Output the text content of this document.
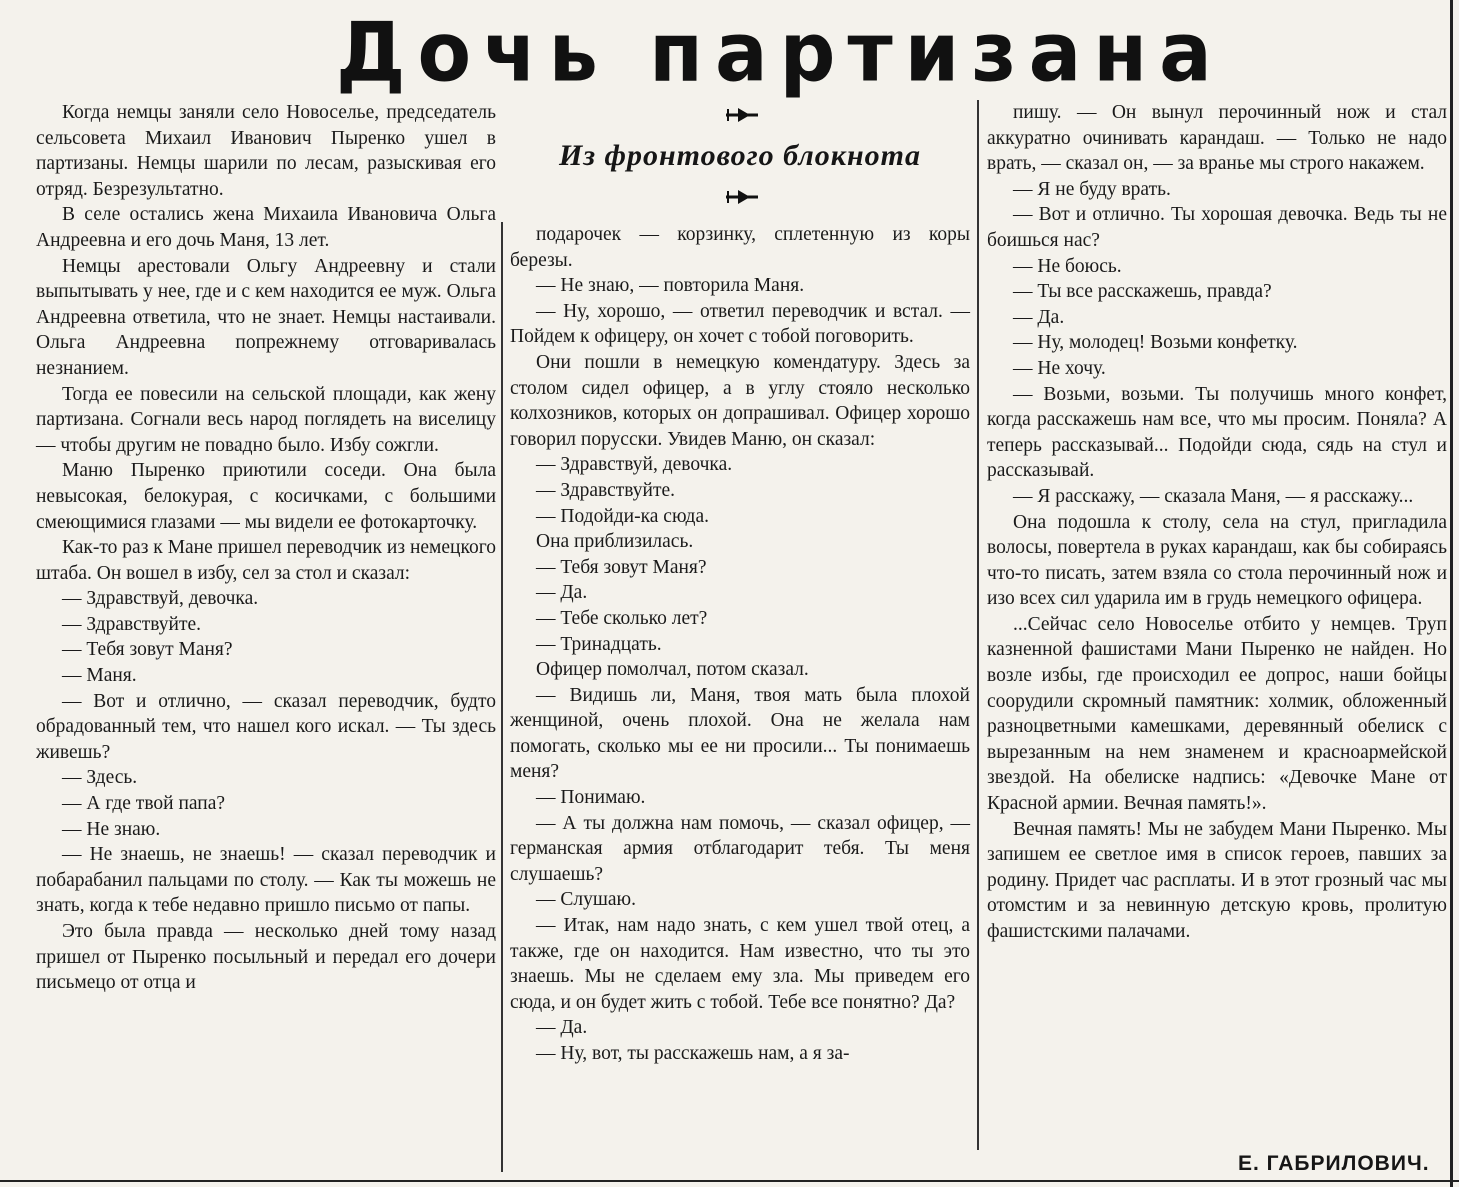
Дочь партизана
Из фронтового блокнота

Когда немцы заняли село Новоселье, председатель сельсовета Михаил Иванович Пыренко ушел в партизаны. Немцы шарили по лесам, разыскивая его отряд. Безрезультатно.

В селе остались жена Михаила Ивановича Ольга Андреевна и его дочь Маня, 13 лет.

Немцы арестовали Ольгу Андреевну и стали выпытывать у нее, где и с кем находится ее муж. Ольга Андреевна ответила, что не знает. Немцы настаивали. Ольга Андреевна попрежнему отговаривалась незнанием.

Тогда ее повесили на сельской площади, как жену партизана. Согнали весь народ поглядеть на виселицу — чтобы другим не повадно было. Избу сожгли.

Маню Пыренко приютили соседи. Она была невысокая, белокурая, с косичками, с большими смеющимися глазами — мы видели ее фотокарточку.

Как-то раз к Мане пришел переводчик из немецкого штаба. Он вошел в избу, сел за стол и сказал:

— Здравствуй, девочка.

— Здравствуйте.

— Тебя зовут Маня?

— Маня.

— Вот и отлично, — сказал переводчик, будто обрадованный тем, что нашел кого искал. — Ты здесь живешь?

— Здесь.

— А где твой папа?

— Не знаю.

— Не знаешь, не знаешь! — сказал переводчик и побарабанил пальцами по столу. — Как ты можешь не знать, когда к тебе недавно пришло письмо от папы.

Это была правда — несколько дней тому назад пришел от Пыренко посыльный и передал его дочери письмецо от отца и

подарочек — корзинку, сплетенную из коры березы.

— Не знаю, — повторила Маня.

— Ну, хорошо, — ответил переводчик и встал. — Пойдем к офицеру, он хочет с тобой поговорить.

Они пошли в немецкую комендатуру. Здесь за столом сидел офицер, а в углу стояло несколько колхозников, которых он допрашивал. Офицер хорошо говорил порусски. Увидев Маню, он сказал:

— Здравствуй, девочка.

— Здравствуйте.

— Подойди-ка сюда.

Она приблизилась.

— Тебя зовут Маня?

— Да.

— Тебе сколько лет?

— Тринадцать.

Офицер помолчал, потом сказал.

— Видишь ли, Маня, твоя мать была плохой женщиной, очень плохой. Она не желала нам помогать, сколько мы ее ни просили... Ты понимаешь меня?

— Понимаю.

— А ты должна нам помочь, — сказал офицер, — германская армия отблагодарит тебя. Ты меня слушаешь?

— Слушаю.

— Итак, нам надо знать, с кем ушел твой отец, а также, где он находится. Нам известно, что ты это знаешь. Мы не сделаем ему зла. Мы приведем его сюда, и он будет жить с тобой. Тебе все понятно? Да?

— Да.

— Ну, вот, ты расскажешь нам, а я за-

пишу. — Он вынул перочинный нож и стал аккуратно очинивать карандаш. — Только не надо врать, — сказал он, — за вранье мы строго накажем.

— Я не буду врать.

— Вот и отлично. Ты хорошая девочка. Ведь ты не боишься нас?

— Не боюсь.

— Ты все расскажешь, правда?

— Да.

— Ну, молодец! Возьми конфетку.

— Не хочу.

— Возьми, возьми. Ты получишь много конфет, когда расскажешь нам все, что мы просим. Поняла? А теперь рассказывай... Подойди сюда, сядь на стул и рассказывай.

— Я расскажу, — сказала Маня, — я расскажу...

Она подошла к столу, села на стул, пригладила волосы, повертела в руках карандаш, как бы собираясь что-то писать, затем взяла со стола перочинный нож и изо всех сил ударила им в грудь немецкого офицера.

...Сейчас село Новоселье отбито у немцев. Труп казненной фашистами Мани Пыренко не найден. Но возле избы, где происходил ее допрос, наши бойцы соорудили скромный памятник: холмик, обложенный разноцветными камешками, деревянный обелиск с вырезанным на нем знаменем и красноармейской звездой. На обелиске надпись: «Девочке Мане от Красной армии. Вечная память!».

Вечная память! Мы не забудем Мани Пыренко. Мы запишем ее светлое имя в список героев, павших за родину. Придет час расплаты. И в этот грозный час мы отомстим и за невинную детскую кровь, пролитую фашистскими палачами.

Е. ГАБРИЛОВИЧ.
